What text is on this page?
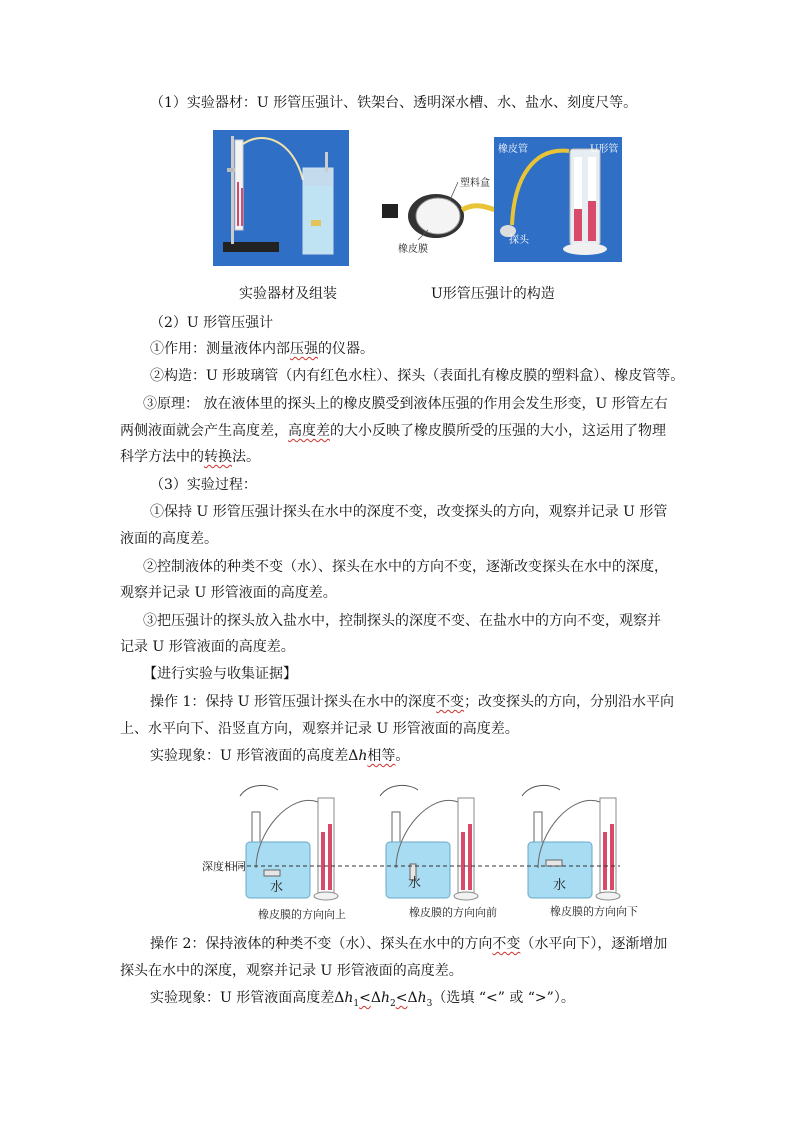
（1）实验器材：U 形管压强计、铁架台、透明深水槽、水、盐水、刻度尺等。
塑料盒
橡皮膜
橡皮管	U形管
探头
实验器材及组装	U形管压强计的构造
（2）U 形管压强计
①作用：测量液体内部压强的仪器。
②构造：U 形玻璃管（内有红色水柱）、探头（表面扎有橡皮膜的塑料盒）、橡皮管等。
③原理： 放在液体里的探头上的橡皮膜受到液体压强的作用会发生形变，U 形管左右
两侧液面就会产生高度差，高度差的大小反映了橡皮膜所受的压强的大小，这运用了物理
科学方法中的转换法。
（3）实验过程：
①保持 U 形管压强计探头在水中的深度不变，改变探头的方向，观察并记录 U 形管
液面的高度差。
②控制液体的种类不变（水）、探头在水中的方向不变，逐渐改变探头在水中的深度，
观察并记录 U 形管液面的高度差。
③把压强计的探头放入盐水中，控制探头的深度不变、在盐水中的方向不变，观察并
记录 U 形管液面的高度差。
【进行实验与收集证据】
操作 1：保持 U 形管压强计探头在水中的深度不变；改变探头的方向，分别沿水平向
上、水平向下、沿竖直方向，观察并记录 U 形管液面的高度差。
实验现象：U 形管液面的高度差Δh相等。
深度相同
水	水	水
橡皮膜的方向向上	橡皮膜的方向向前	橡皮膜的方向向下
操作 2：保持液体的种类不变（水）、探头在水中的方向不变（水平向下），逐渐增加
探头在水中的深度，观察并记录 U 形管液面的高度差。
实验现象：U 形管液面高度差$\Delta h_1<\Delta h_2<\Delta h_3$（选填 “<” 或 “>”）。
